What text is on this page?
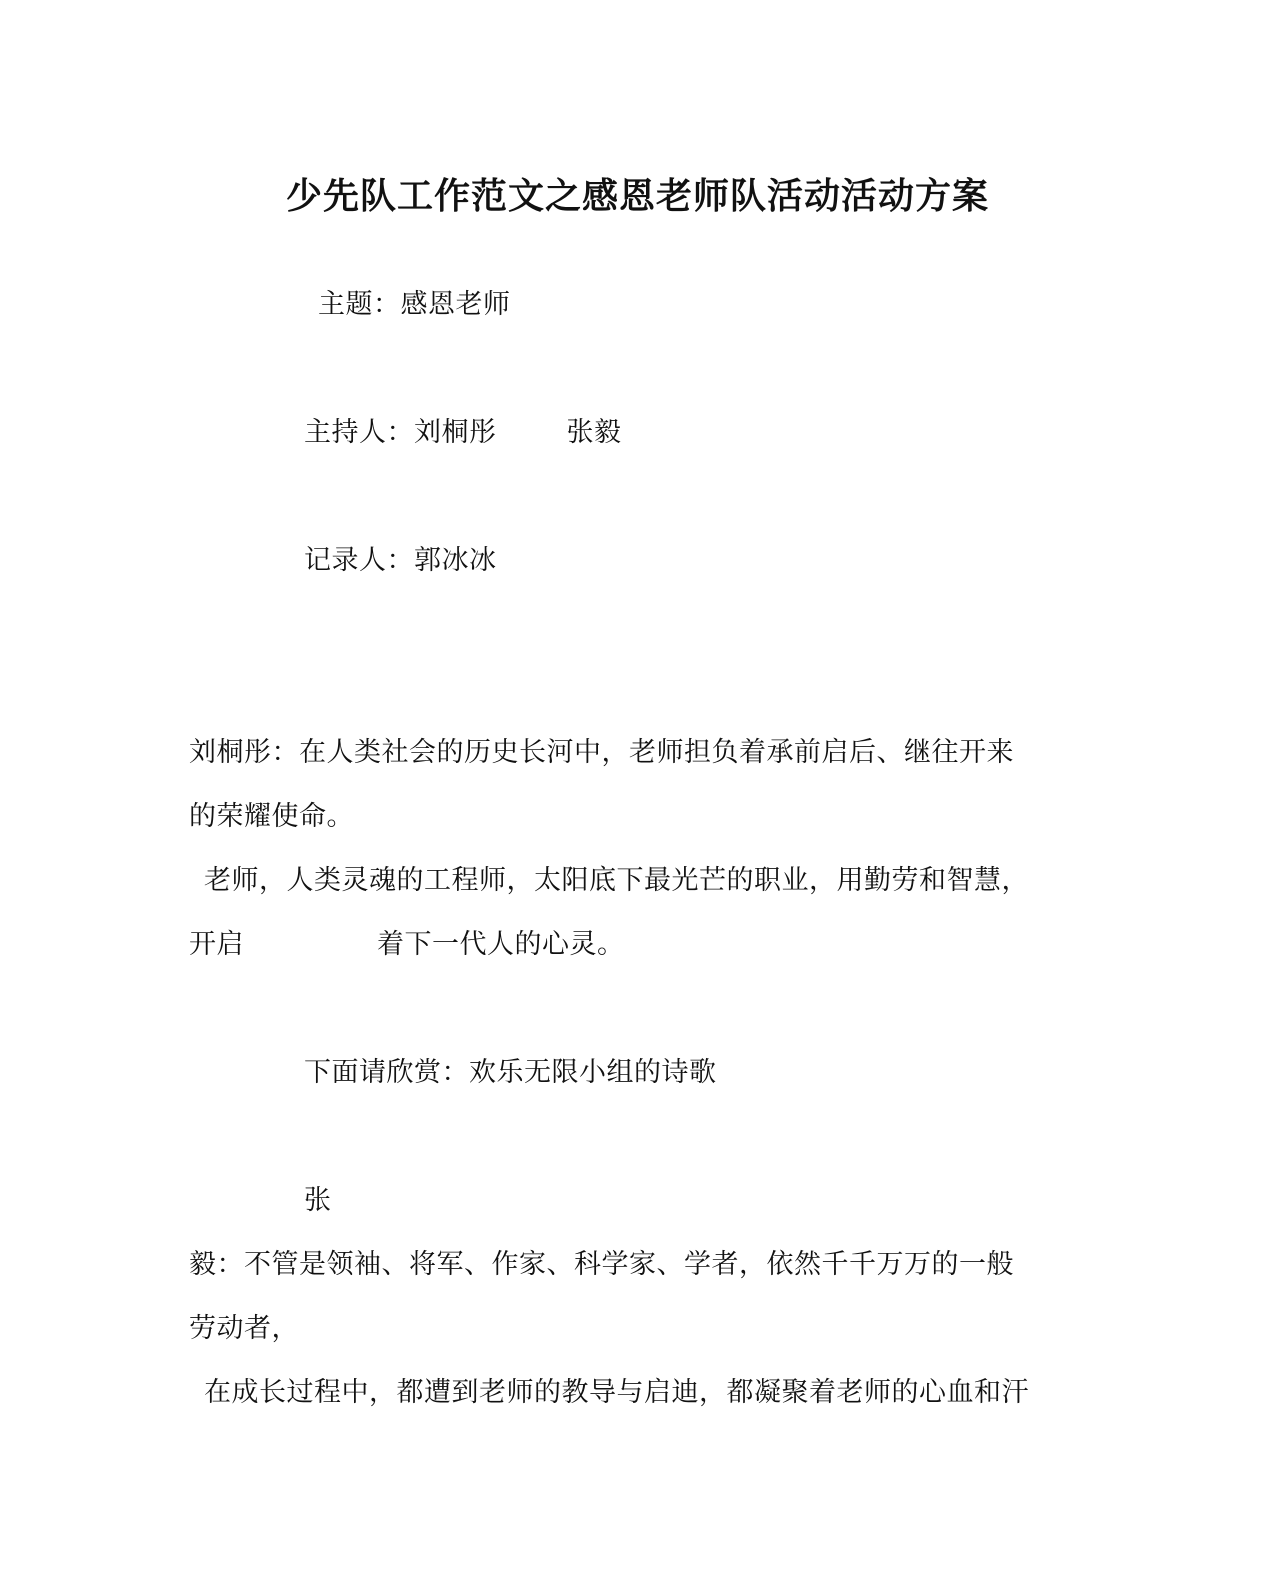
少先队工作范文之感恩老师队活动活动方案
主题：感恩老师
主持人：刘桐彤	张毅
记录人：郭冰冰
刘桐彤：在人类社会的历史长河中，老师担负着承前启后、继往开来
的荣耀使命。
老师，人类灵魂的工程师，太阳底下最光芒的职业，用勤劳和智慧，
开启	着下一代人的心灵。
下面请欣赏：欢乐无限小组的诗歌
张
毅：不管是领袖、将军、作家、科学家、学者，依然千千万万的一般
劳动者，
在成长过程中，都遭到老师的教导与启迪，都凝聚着老师的心血和汗
